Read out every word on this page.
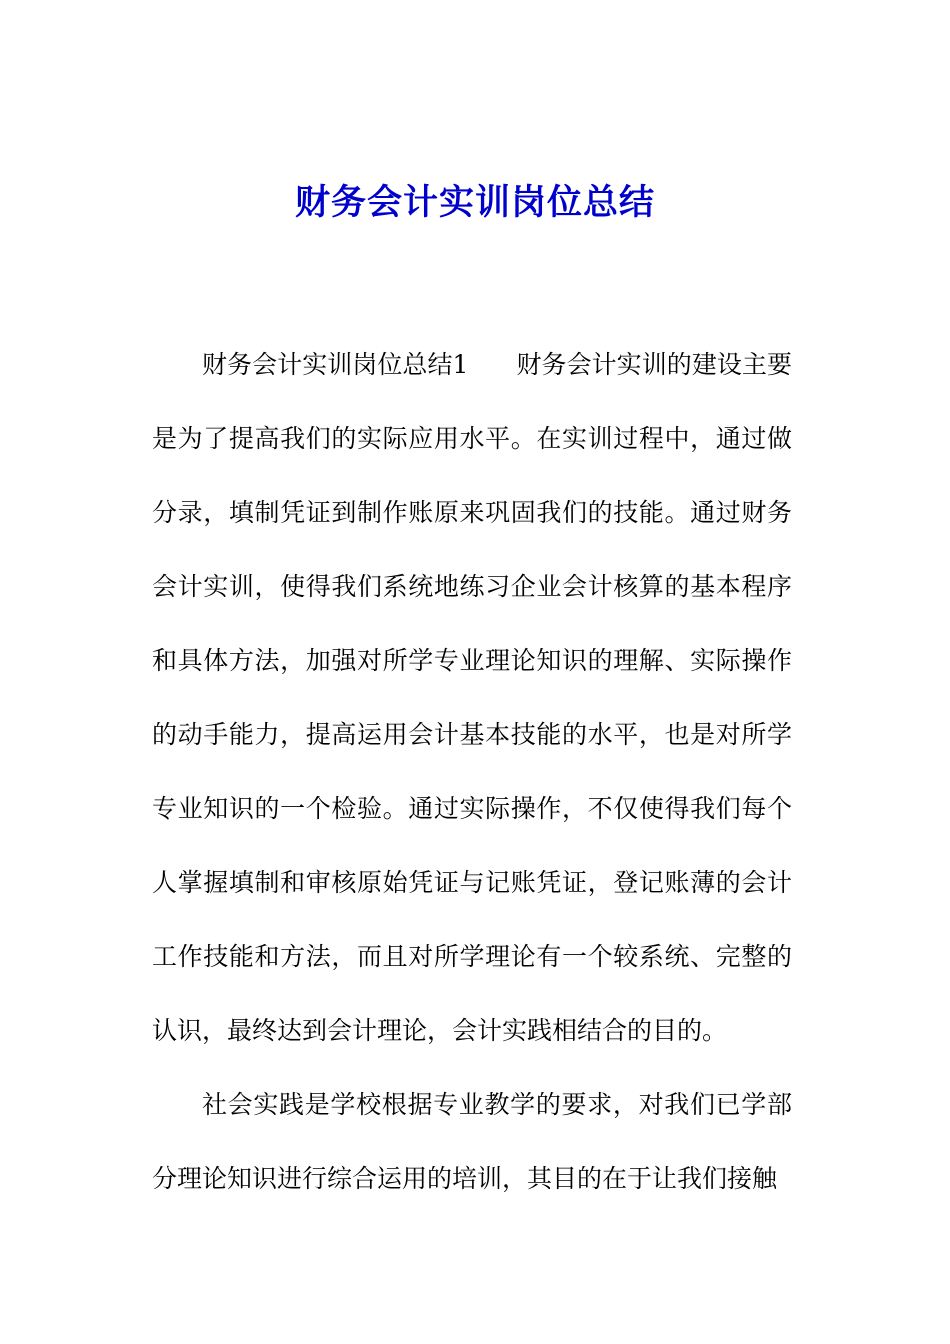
财务会计实训岗位总结

财务会计实训岗位总结1 财务会计实训的建设主要是为了提高我们的实际应用水平。在实训过程中，通过做分录，填制凭证到制作账原来巩固我们的技能。通过财务会计实训，使得我们系统地练习企业会计核算的基本程序和具体方法，加强对所学专业理论知识的理解、实际操作的动手能力，提高运用会计基本技能的水平，也是对所学专业知识的一个检验。通过实际操作，不仅使得我们每个人掌握填制和审核原始凭证与记账凭证，登记账薄的会计工作技能和方法，而且对所学理论有一个较系统、完整的认识，最终达到会计理论，会计实践相结合的目的。

社会实践是学校根据专业教学的要求，对我们已学部分理论知识进行综合运用的培训，其目的在于让我们接触
